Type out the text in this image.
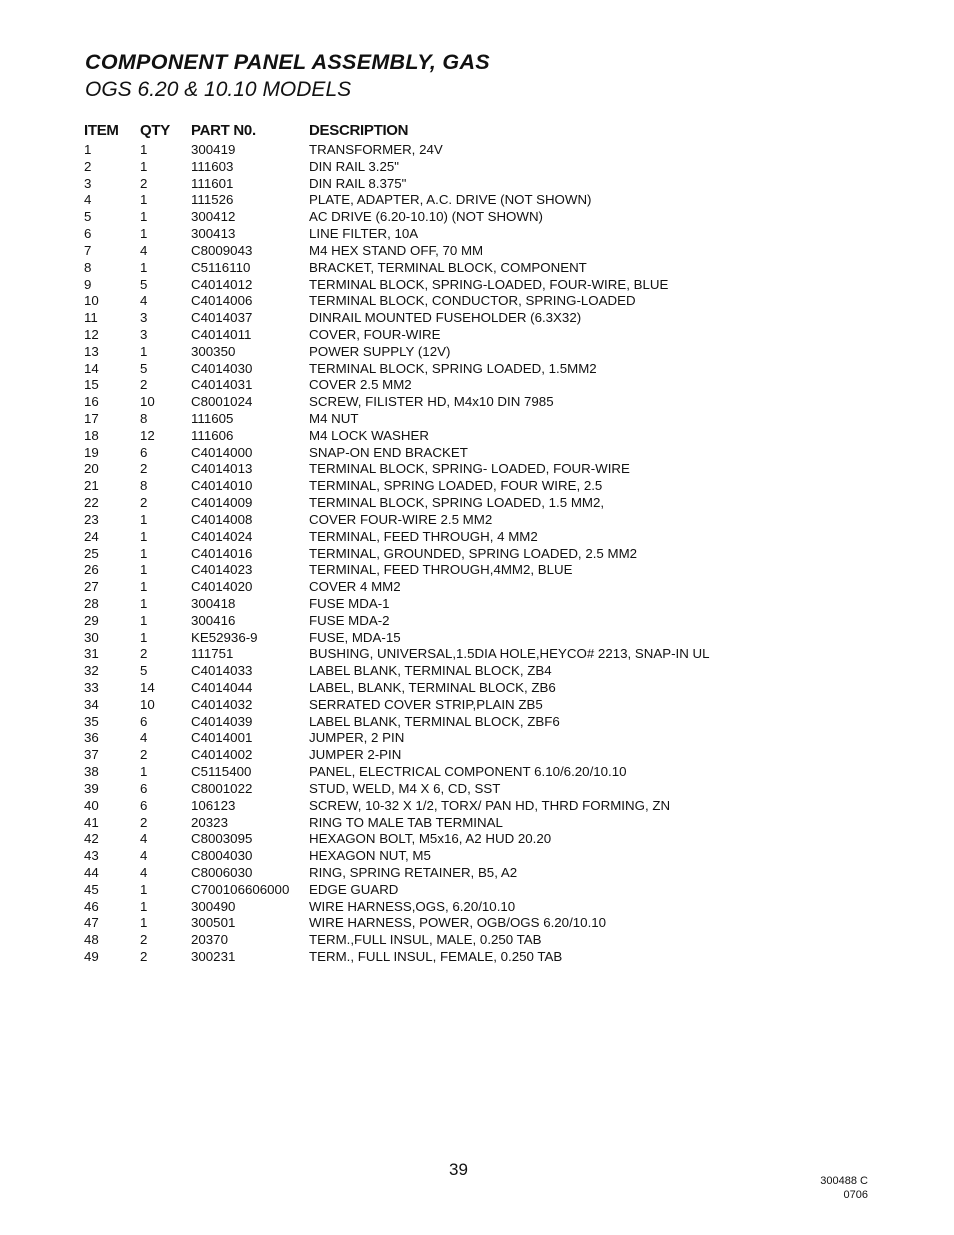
COMPONENT PANEL ASSEMBLY, GAS
OGS 6.20 & 10.10 MODELS
ITEM	QTY	PART N0.	DESCRIPTION
1	1	300419	TRANSFORMER, 24V
2	1	111603	DIN RAIL 3.25"
3	2	111601	DIN RAIL 8.375"
4	1	111526	PLATE, ADAPTER, A.C. DRIVE (NOT SHOWN)
5	1	300412	AC DRIVE (6.20-10.10) (NOT SHOWN)
6	1	300413	LINE FILTER, 10A
7	4	C8009043	M4 HEX STAND OFF, 70 MM
8	1	C5116110	BRACKET, TERMINAL BLOCK, COMPONENT
9	5	C4014012	TERMINAL BLOCK, SPRING-LOADED, FOUR-WIRE, BLUE
10	4	C4014006	TERMINAL BLOCK, CONDUCTOR, SPRING-LOADED
11	3	C4014037	DINRAIL MOUNTED FUSEHOLDER (6.3X32)
12	3	C4014011	COVER, FOUR-WIRE
13	1	300350	POWER SUPPLY (12V)
14	5	C4014030	TERMINAL BLOCK, SPRING LOADED, 1.5MM2
15	2	C4014031	COVER 2.5 MM2
16	10	C8001024	SCREW, FILISTER HD, M4x10 DIN 7985
17	8	111605	M4 NUT
18	12	111606	M4 LOCK WASHER
19	6	C4014000	SNAP-ON END BRACKET
20	2	C4014013	TERMINAL BLOCK, SPRING- LOADED, FOUR-WIRE
21	8	C4014010	TERMINAL, SPRING LOADED, FOUR WIRE, 2.5
22	2	C4014009	TERMINAL BLOCK, SPRING LOADED, 1.5 MM2,
23	1	C4014008	COVER FOUR-WIRE 2.5 MM2
24	1	C4014024	TERMINAL, FEED THROUGH, 4 MM2
25	1	C4014016	TERMINAL, GROUNDED, SPRING LOADED, 2.5 MM2
26	1	C4014023	TERMINAL, FEED THROUGH,4MM2, BLUE
27	1	C4014020	COVER 4 MM2
28	1	300418	FUSE MDA-1
29	1	300416	FUSE MDA-2
30	1	KE52936-9	FUSE, MDA-15
31	2	111751	BUSHING, UNIVERSAL,1.5DIA HOLE,HEYCO# 2213, SNAP-IN UL
32	5	C4014033	LABEL BLANK, TERMINAL BLOCK, ZB4
33	14	C4014044	LABEL, BLANK, TERMINAL BLOCK, ZB6
34	10	C4014032	SERRATED COVER STRIP,PLAIN ZB5
35	6	C4014039	LABEL BLANK, TERMINAL BLOCK, ZBF6
36	4	C4014001	JUMPER, 2 PIN
37	2	C4014002	JUMPER 2-PIN
38	1	C5115400	PANEL, ELECTRICAL COMPONENT 6.10/6.20/10.10
39	6	C8001022	STUD, WELD, M4 X 6, CD, SST
40	6	106123	SCREW, 10-32 X 1/2, TORX/ PAN HD, THRD FORMING, ZN
41	2	20323	RING TO MALE TAB TERMINAL
42	4	C8003095	HEXAGON BOLT, M5x16, A2 HUD 20.20
43	4	C8004030	HEXAGON NUT, M5
44	4	C8006030	RING, SPRING RETAINER, B5, A2
45	1	C700106606000	EDGE GUARD
46	1	300490	WIRE HARNESS,OGS, 6.20/10.10
47	1	300501	WIRE HARNESS, POWER, OGB/OGS 6.20/10.10
48	2	20370	TERM.,FULL INSUL, MALE, 0.250 TAB
49	2	300231	TERM., FULL INSUL, FEMALE, 0.250 TAB
39
300488 C
0706
